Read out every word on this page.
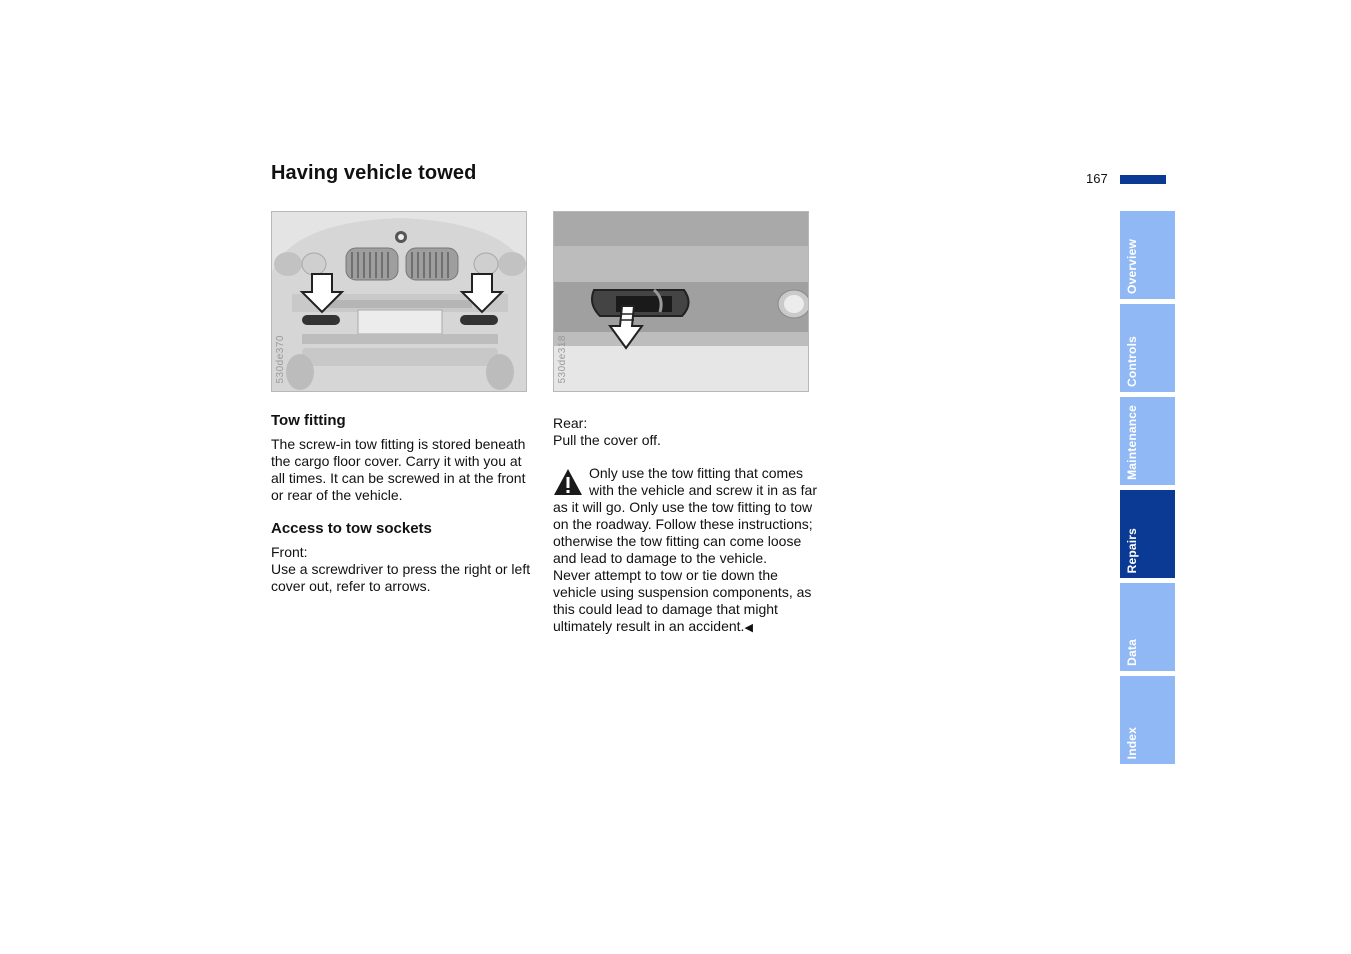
Having vehicle towed	167
530de370	530de318
Tow fitting

The screw-in tow fitting is stored beneath the cargo floor cover. Carry it with you at all times. It can be screwed in at the front or rear of the vehicle.

Access to tow sockets

Front:

Use a screwdriver to press the right or left cover out, refer to arrows.

Rear:

Pull the cover off.

Only use the tow fitting that comes with the vehicle and screw it in as far as it will go. Only use the tow fitting to tow on the roadway. Follow these instructions; otherwise the tow fitting can come loose and lead to damage to the vehicle.

Never attempt to tow or tie down the vehicle using suspension components, as this could lead to damage that might ultimately result in an accident.◀

Overview
Controls
Maintenance
Repairs
Data
Index
